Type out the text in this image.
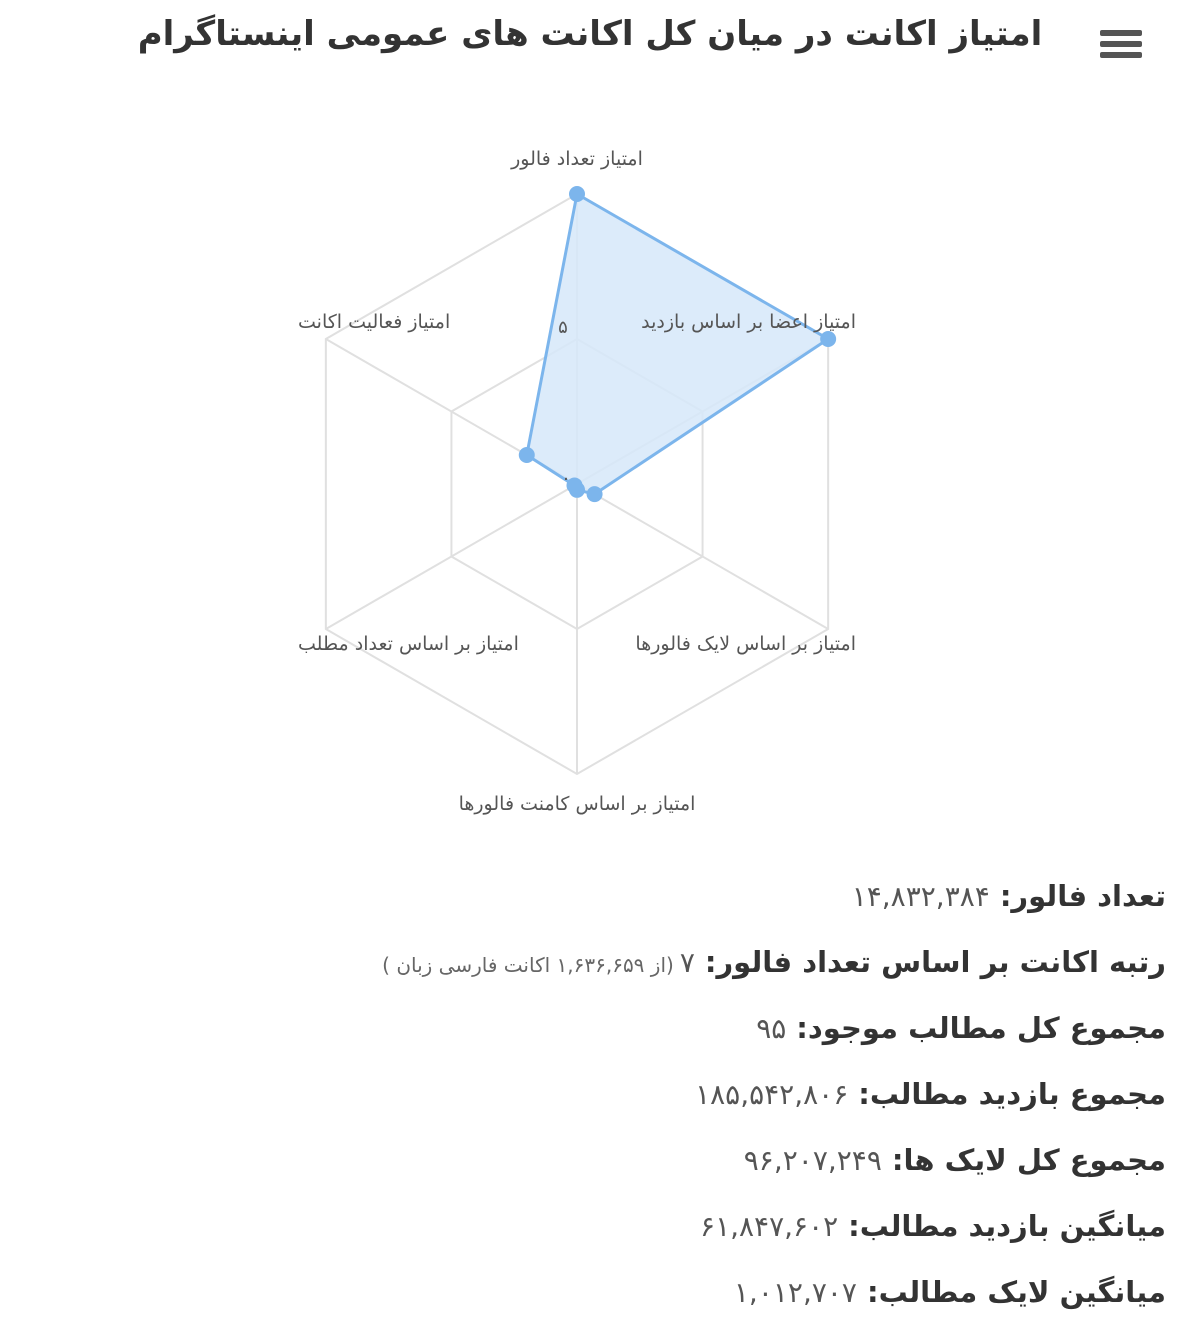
امتیاز اکانت در میان کل اکانت های عمومی اینستاگرام
امتیاز تعداد فالور
امتیاز اعضا بر اساس بازدید
امتیاز بر اساس لایک فالورها
امتیاز بر اساس کامنت فالورها
امتیاز بر اساس تعداد مطلب
امتیاز فعالیت اکانت	۵
۰
تعداد فالور:۱۴,۸۳۲,۳۸۴
رتبه اکانت بر اساس تعداد فالور:۷(از ۱,۶۳۶,۶۵۹ اکانت فارسی زبان )
مجموع کل مطالب موجود:۹۵
مجموع بازدید مطالب:۱۸۵,۵۴۲,۸۰۶
مجموع کل لایک ها:۹۶,۲۰۷,۲۴۹
میانگین بازدید مطالب:۶۱,۸۴۷,۶۰۲
میانگین لایک مطالب:۱,۰۱۲,۷۰۷
